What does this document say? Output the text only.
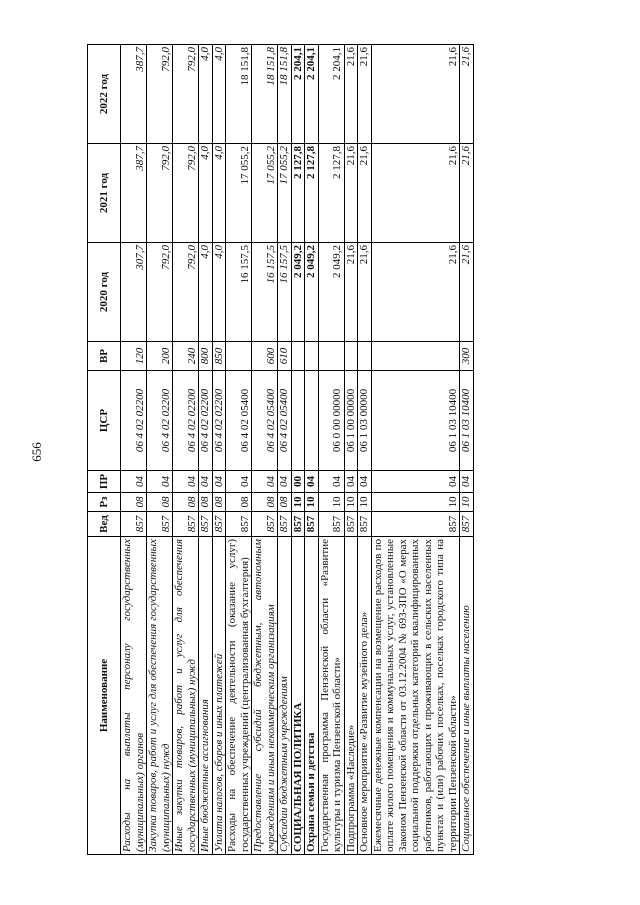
656
Наименование	Вед	Рз	ПР	ЦСР	ВР	2020 год	2021 год	2022 год
Расходы на выплаты персоналу государственных (муниципальных) органов	857	08	04	06 4 02 02200	120	307,7	387,7	387,7
Закупка товаров, работ и услуг для обеспечения государственных (муниципальных) нужд	857	08	04	06 4 02 02200	200	792,0	792,0	792,0
Иные закупки товаров, работ и услуг для обеспечения государственных (муниципальных) нужд	857	08	04	06 4 02 02200	240	792,0	792,0	792,0
Иные бюджетные ассигнования	857	08	04	06 4 02 02200	800	4,0	4,0	4,0
Уплата налогов, сборов и иных платежей	857	08	04	06 4 02 02200	850	4,0	4,0	4,0
Расходы на обеспечение деятельности (оказание услуг) государственных учреждений (централизованная бухгалтерия)	857	08	04	06 4 02 05400		16 157,5	17 055,2	18 151,8
Предоставление субсидий бюджетным, автономным учреждениям и иным некоммерческим организациям	857	08	04	06 4 02 05400	600	16 157,5	17 055,2	18 151,8
Субсидии бюджетным учреждениям	857	08	04	06 4 02 05400	610	16 157,5	17 055,2	18 151,8
СОЦИАЛЬНАЯ ПОЛИТИКА	857	10	00			2 049,2	2 127,8	2 204,1
Охрана семьи и детства	857	10	04			2 049,2	2 127,8	2 204,1
Государственная программа Пензенской области «Развитие культуры и туризма Пензенской области»	857	10	04	06 0 00 00000		2 049,2	2 127,8	2 204,1
Подпрограмма «Наследие»	857	10	04	06 1 00 00000		21,6	21,6	21,6
Основное мероприятие «Развитие музейного дела»	857	10	04	06 1 03 00000		21,6	21,6	21,6
Ежемесячные денежные компенсации на возмещение расходов по оплате жилого помещения и коммунальных услуг, установленные Законом Пензенской области от 03.12.2004 № 693-ЗПО «О мерах социальной поддержки отдельных категорий квалифицированных работников, работающих и проживающих в сельских населенных пунктах и (или) рабочих поселках, поселках городского типа на территории Пензенской области»	857	10	04	06 1 03 10400		21,6	21,6	21,6
Социальное обеспечение и иные выплаты населению	857	10	04	06 1 03 10400	300	21,6	21,6	21,6
